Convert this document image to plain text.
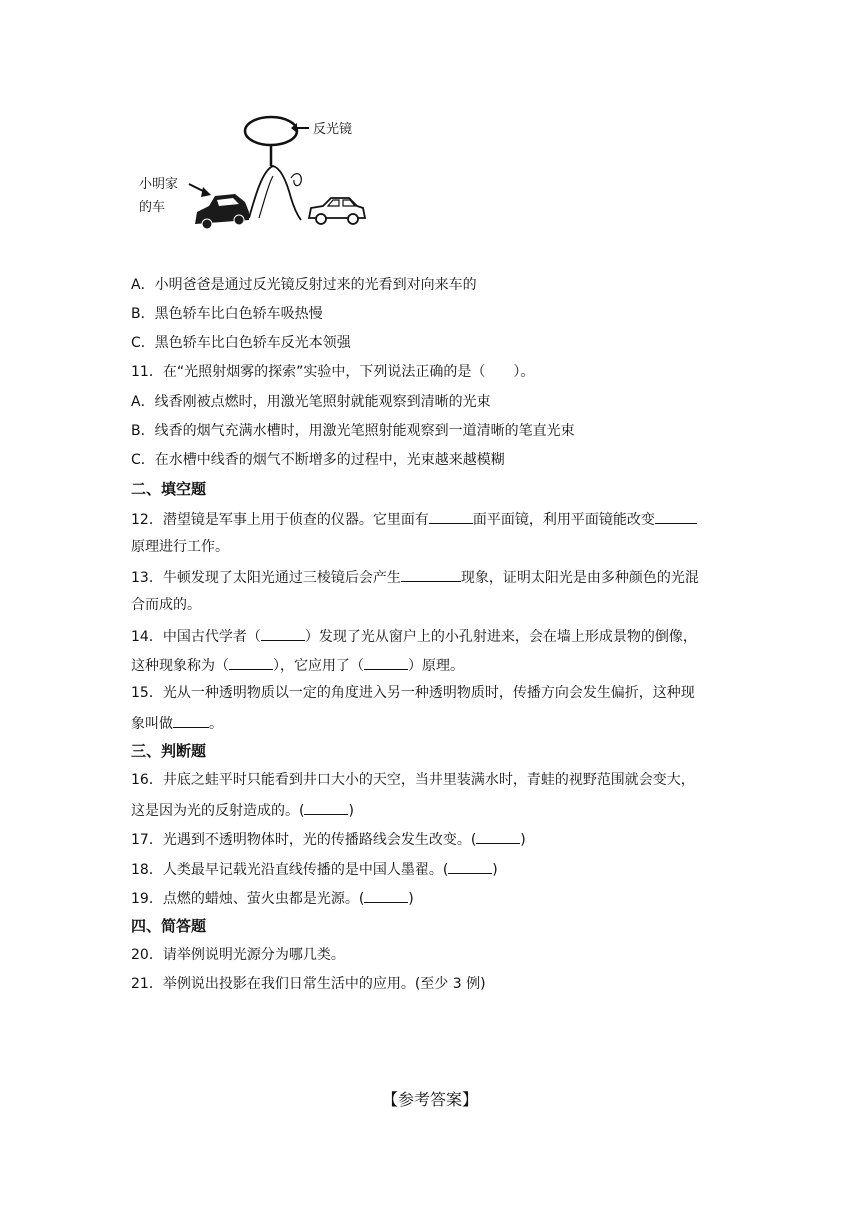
反光镜
小明家
的车
A．小明爸爸是通过反光镜反射过来的光看到对向来车的
B．黑色轿车比白色轿车吸热慢
C．黑色轿车比白色轿车反光本领强
11．在“光照射烟雾的探索”实验中，下列说法正确的是（　　）。
A．线香刚被点燃时，用激光笔照射就能观察到清晰的光束
B．线香的烟气充满水槽时，用激光笔照射能观察到一道清晰的笔直光束
C．在水槽中线香的烟气不断增多的过程中，光束越来越模糊
二、填空题
12．潜望镜是军事上用于侦查的仪器。它里面有	面平面镜，利用平面镜能改变
原理进行工作。
13．牛顿发现了太阳光通过三棱镜后会产生	现象，证明太阳光是由多种颜色的光混
合而成的。
14．中国古代学者（	）发现了光从窗户上的小孔射进来，会在墙上形成景物的倒像，
这种现象称为（	），它应用了（	）原理。
15．光从一种透明物质以一定的角度进入另一种透明物质时，传播方向会发生偏折，这种现
象叫做	。
三、判断题
16．井底之蛙平时只能看到井口大小的天空，当井里装满水时，青蛙的视野范围就会变大，
这是因为光的反射造成的。(	)
17．光遇到不透明物体时，光的传播路线会发生改变。(	)
18．人类最早记载光沿直线传播的是中国人墨翟。(	)
19．点燃的蜡烛、萤火虫都是光源。(	)
四、简答题
20．请举例说明光源分为哪几类。
21．举例说出投影在我们日常生活中的应用。(至少 3 例)
【参考答案】
